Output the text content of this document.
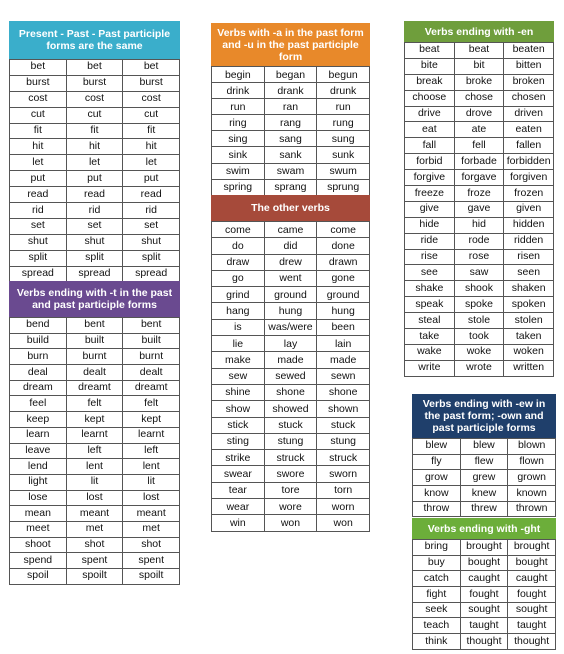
Present - Past - Past participle forms are the same
bet	bet	bet
burst	burst	burst
cost	cost	cost
cut	cut	cut
fit	fit	fit
hit	hit	hit
let	let	let
put	put	put
read	read	read
rid	rid	rid
set	set	set
shut	shut	shut
split	split	split
spread	spread	spread
Verbs ending with -t in the past and past participle forms
bend	bent	bent
build	built	built
burn	burnt	burnt
deal	dealt	dealt
dream	dreamt	dreamt
feel	felt	felt
keep	kept	kept
learn	learnt	learnt
leave	left	left
lend	lent	lent
light	lit	lit
lose	lost	lost
mean	meant	meant
meet	met	met
shoot	shot	shot
spend	spent	spent
spoil	spoilt	spoilt
Verbs with -a in the past form and -u in the past participle form
begin	began	begun
drink	drank	drunk
run	ran	run
ring	rang	rung
sing	sang	sung
sink	sank	sunk
swim	swam	swum
spring	sprang	sprung
The other verbs
come	came	come
do	did	done
draw	drew	drawn
go	went	gone
grind	ground	ground
hang	hung	hung
is	was/were	been
lie	lay	lain
make	made	made
sew	sewed	sewn
shine	shone	shone
show	showed	shown
stick	stuck	stuck
sting	stung	stung
strike	struck	struck
swear	swore	sworn
tear	tore	torn
wear	wore	worn
win	won	won
Verbs ending with -en
beat	beat	beaten
bite	bit	bitten
break	broke	broken
choose	chose	chosen
drive	drove	driven
eat	ate	eaten
fall	fell	fallen
forbid	forbade	forbidden
forgive	forgave	forgiven
freeze	froze	frozen
give	gave	given
hide	hid	hidden
ride	rode	ridden
rise	rose	risen
see	saw	seen
shake	shook	shaken
speak	spoke	spoken
steal	stole	stolen
take	took	taken
wake	woke	woken
write	wrote	written
Verbs ending with -ew in the past form; -own and past participle forms
blew	blew	blown
fly	flew	flown
grow	grew	grown
know	knew	known
throw	threw	thrown
Verbs ending with -ght
bring	brought	brought
buy	bought	bought
catch	caught	caught
fight	fought	fought
seek	sought	sought
teach	taught	taught
think	thought	thought
